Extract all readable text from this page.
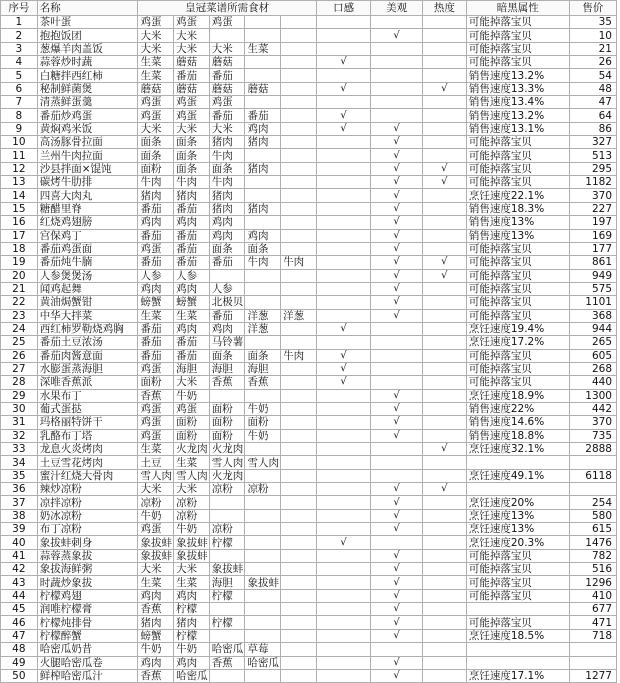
序号	名称	皇冠菜谱所需食材					口感	美观	热度	暗黑属性	售价
1	茶叶蛋	鸡蛋	鸡蛋	鸡蛋						可能掉落宝贝	35
2	抱抱饭团	大米	大米					√		可能掉落宝贝	10
3	葱爆羊肉盖饭	大米	大米	大米	生菜					可能掉落宝贝	21
4	蒜蓉炒时蔬	生菜	蘑菇	蘑菇			√			可能掉落宝贝	26
5	白糖拌西红柿	生菜	番茄	番茄						销售速度13.2%	54
6	秘制鲜菌煲	蘑菇	蘑菇	蘑菇	蘑菇		√		√	销售速度13.3%	48
7	清蒸鲜蛋羹	鸡蛋	鸡蛋	鸡蛋						销售速度13.4%	47
8	番茄炒鸡蛋	鸡蛋	鸡蛋	番茄	番茄		√			销售速度13.2%	64
9	黄焖鸡米饭	大米	大米	大米	鸡肉		√	√		销售速度13.1%	86
10	高汤豚骨拉面	面条	面条	猪肉	猪肉			√		可能掉落宝贝	327
11	兰州牛肉拉面	面条	面条	牛肉				√		可能掉落宝贝	513
12	沙县拌面×馄饨	面粉	面条	面条	猪肉			√	√	可能掉落宝贝	295
13	碳烤牛肋排	牛肉	牛肉	牛肉				√	√	可能掉落宝贝	1182
14	四喜大肉丸	猪肉	猪肉	猪肉				√		烹饪速度22.1%	370
15	糖醋里脊	番茄	番茄	猪肉	猪肉			√		销售速度18.3%	227
16	红烧鸡翅膀	鸡肉	鸡肉	鸡肉				√		销售速度13%	197
17	宫保鸡丁	番茄	番茄	鸡肉	鸡肉			√		销售速度13%	169
18	番茄鸡蛋面	鸡蛋	番茄	面条	面条			√		可能掉落宝贝	177
19	番茄炖牛腩	番茄	番茄	番茄	牛肉	牛肉		√	√	可能掉落宝贝	861
20	人参煲煲汤	人参	人参					√	√	可能掉落宝贝	949
21	闻鸡起舞	鸡肉	鸡肉	人参				√		可能掉落宝贝	575
22	黄油焗蟹钳	螃蟹	螃蟹	北极贝				√		可能掉落宝贝	1101
23	中华大拌菜	生菜	生菜	番茄	洋葱	洋葱		√		可能掉落宝贝	368
24	西红柿罗勒烧鸡胸	番茄	鸡肉	鸡肉	洋葱		√			烹饪速度19.4%	944
25	番茄土豆浓汤	番茄	番茄	马铃薯						烹饪速度17.2%	265
26	番茄肉酱意面	番茄	番茄	面条	面条	牛肉	√			可能掉落宝贝	605
27	水膨蛋蒸海胆	鸡蛋	海胆	海胆	海胆		√			可能掉落宝贝	268
28	深唯香蕉派	面粉	大米	香蕉	香蕉		√			可能掉落宝贝	440
29	水果布丁	香蕉	牛奶					√		烹饪速度18.9%	1300
30	葡式蛋挞	鸡蛋	鸡蛋	面粉	牛奶			√		销售速度22%	442
31	玛格丽特饼干	鸡蛋	面粉	面粉	面粉			√		销售速度14.6%	370
32	乳酪布丁塔	鸡蛋	面粉	面粉	牛奶			√		销售速度18.8%	735
33	龙息火炎烤肉	生菜	火龙肉	火龙肉					√	烹饪速度32.1%	2888
34	土豆雪花烤肉	土豆	生菜	雪人肉	雪人肉						
35	蜜汁红烧大骨肉	雪人肉	雪人肉	火龙肉						烹饪速度49.1%	6118
36	辣炒凉粉	大米	大米	凉粉	凉粉			√	√		
37	凉拌凉粉	凉粉	凉粉					√		烹饪速度20%	254
38	奶冰凉粉	牛奶	凉粉					√		烹饪速度13%	580
39	布丁凉粉	鸡蛋	牛奶	凉粉				√		烹饪速度13%	615
40	象拔蚌刺身	象拔蚌	象拔蚌	柠檬			√			烹饪速度20.3%	1476
41	蒜蓉蒸象拔	象拔蚌	象拔蚌					√		可能掉落宝贝	782
42	象拔海鲜粥	大米	大米	象拔蚌				√		可能掉落宝贝	516
43	时蔬炒象拔	生菜	生菜	海胆	象拔蚌			√		可能掉落宝贝	1296
44	柠檬鸡翅	鸡肉	鸡肉	柠檬				√		可能掉落宝贝	410
45	润唯柠檬膏	香蕉	柠檬					√			677
46	柠檬炖排骨	猪肉	猪肉	柠檬				√		可能掉落宝贝	471
47	柠檬醉蟹	螃蟹	柠檬					√		烹饪速度18.5%	718
48	哈密瓜奶昔	牛奶	牛奶	哈密瓜	草莓						
49	火腿哈密瓜卷	鸡肉	鸡肉	香蕉	哈密瓜			√			
50	鲜榨哈密瓜汁	香蕉	哈密瓜					√		烹饪速度17.1%	1277
